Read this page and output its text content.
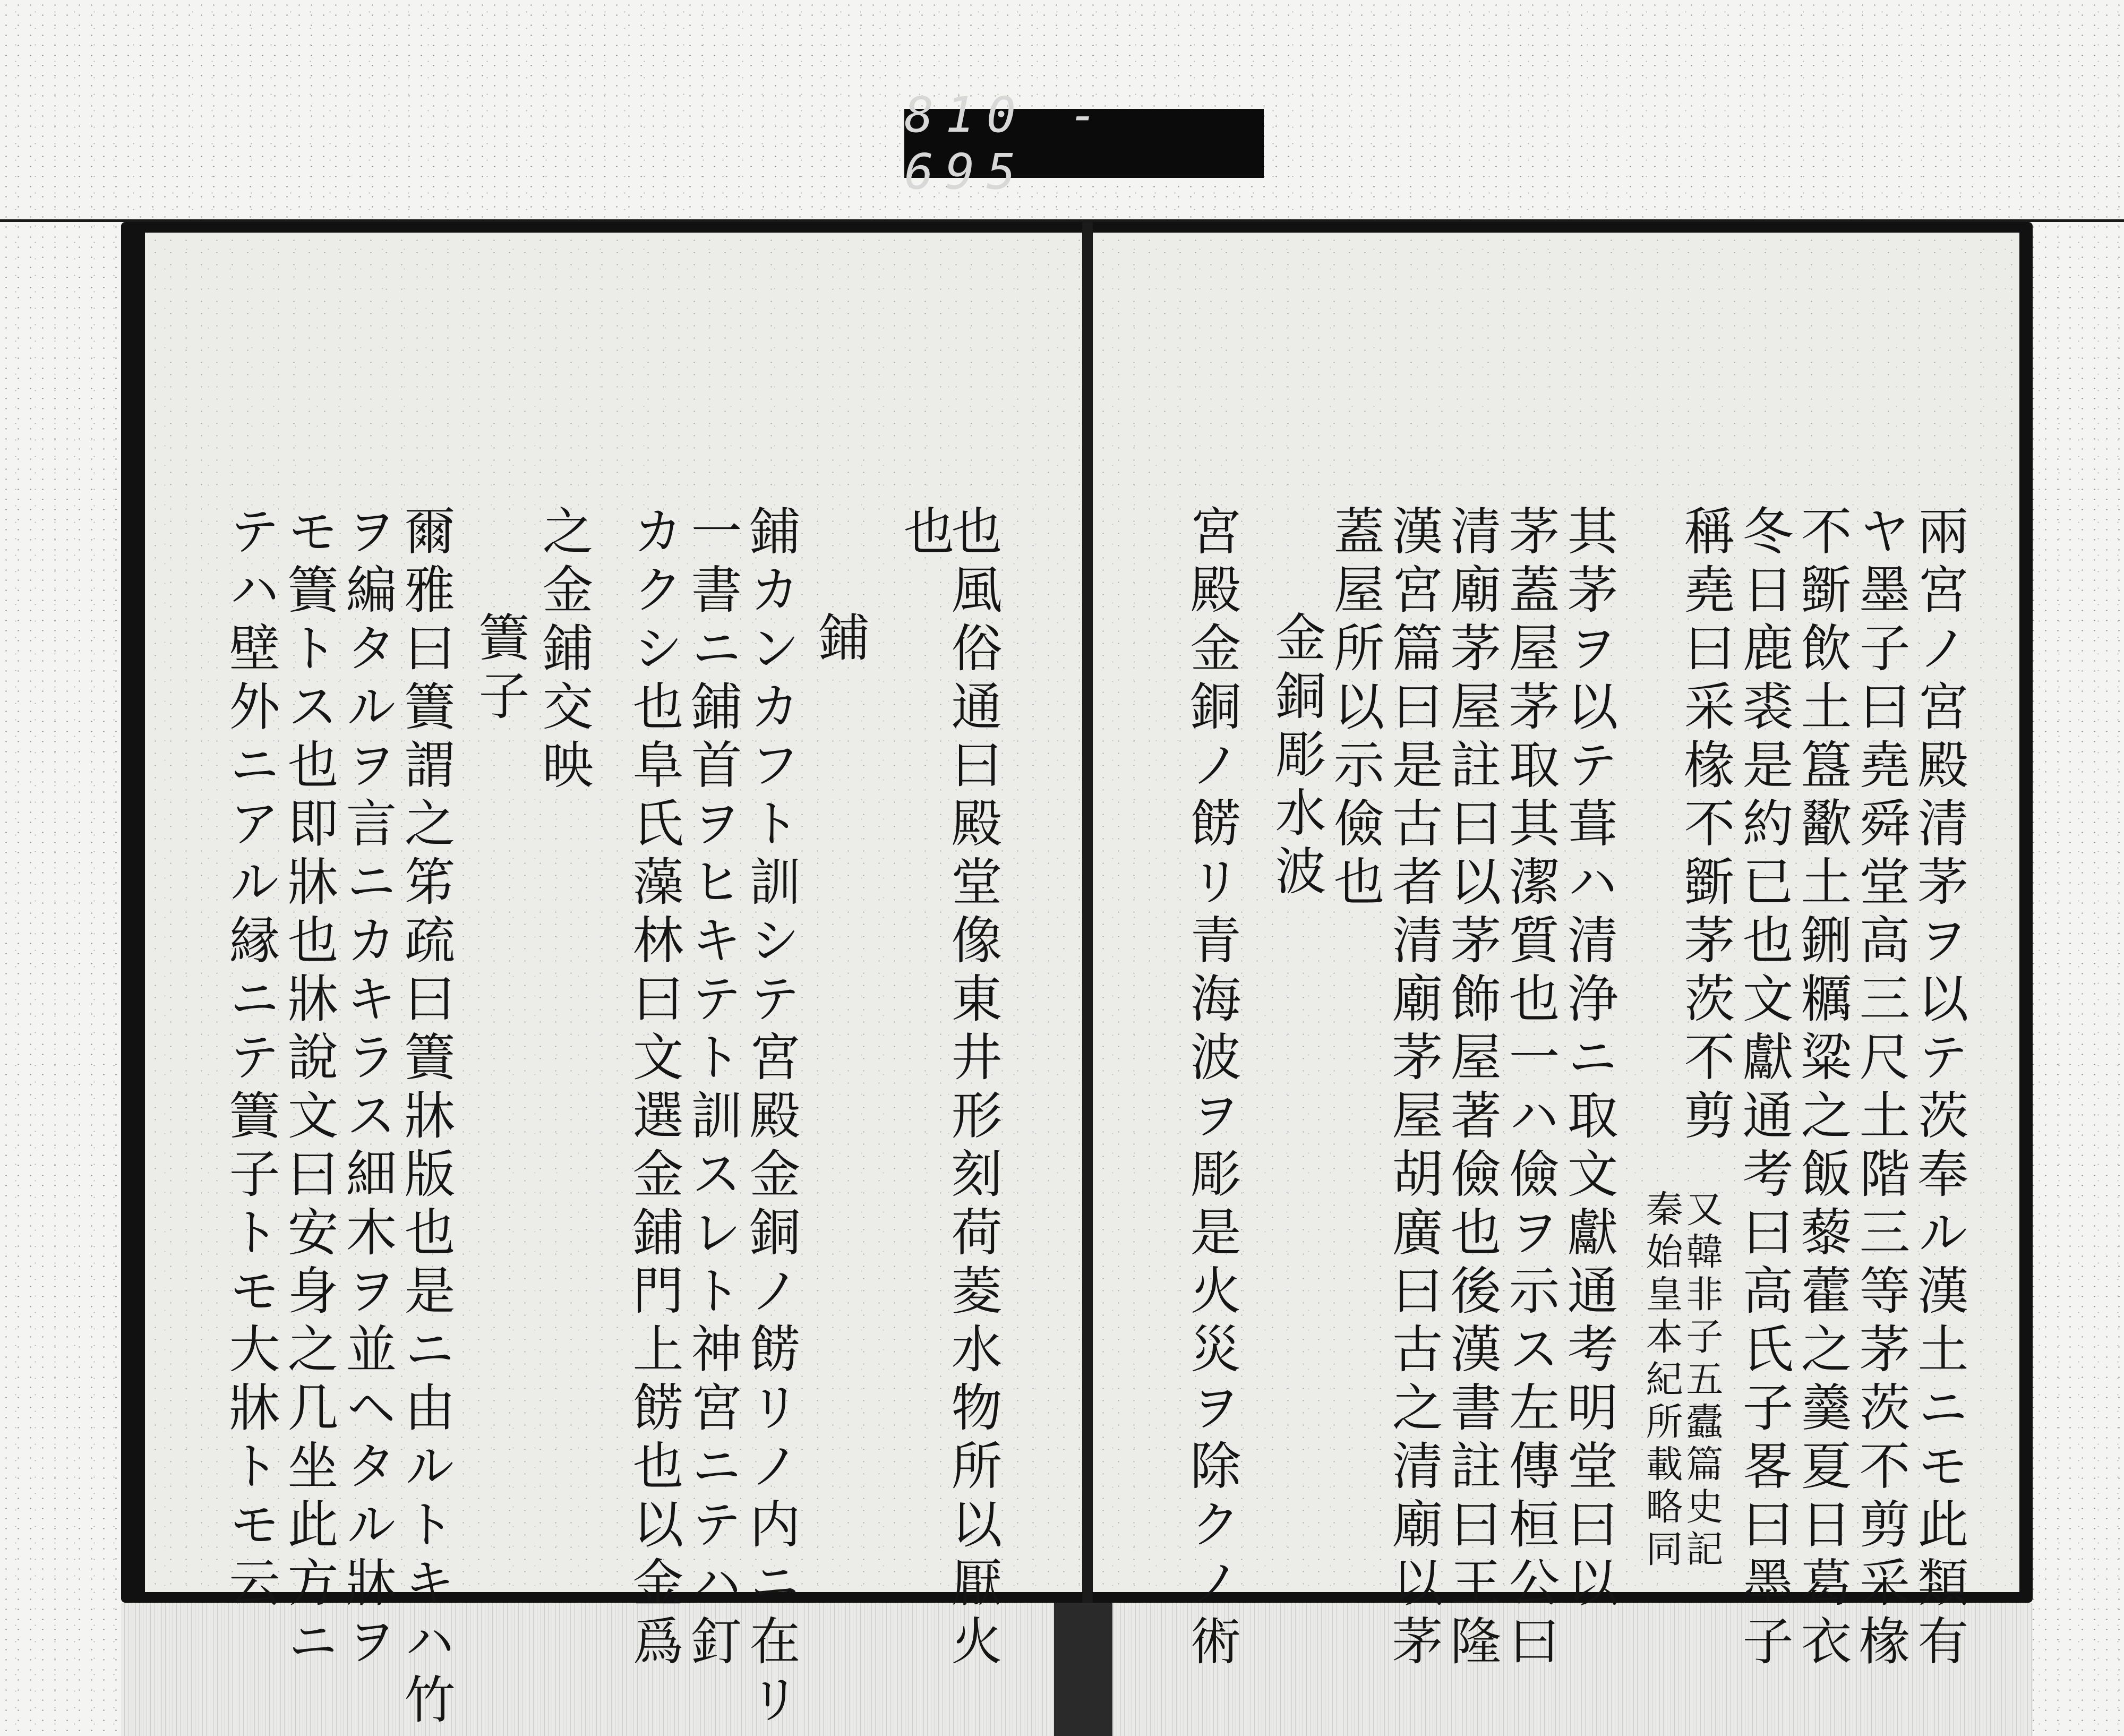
810 - 695
兩宮ノ宮殿清茅ヲ以テ茨奉ル漢土ニモ此類有
ヤ墨子曰堯舜堂高三尺土階三等茅茨不剪采椽
不斵飲土簋歠土鉶糲粱之飯藜藿之羹夏日葛衣
冬日鹿裘是約已也文獻通考曰高氏子畧曰墨子
稱堯曰采椽不斵茅茨不剪
又韓非子五蠹篇史記
秦始皇本紀所載略同
其茅ヲ以テ葺ハ清浄ニ取文獻通考明堂曰以
茅蓋屋茅取其潔質也一ハ儉ヲ示ス左傳桓公曰
清廟茅屋註曰以茅飾屋著儉也後漢書註曰王隆
漢宮篇曰是古者清廟茅屋胡廣曰古之清廟以茅
蓋屋所以示儉也
金銅彫水波
宮殿金銅ノ餝リ青海波ヲ彫是火災ヲ除クノ術
也
也風俗通曰殿堂像東井形刻荷菱水物所以厭火
鋪
鋪カンカフト訓シテ宮殿金銅ノ餝リノ内ニ在リ
一書ニ鋪首ヲヒキテト訓スレト神宮ニテハ釘
カクシ也阜氏藻林曰文選金鋪門上餝也以金爲
之金鋪交映
簀子
爾雅曰簀謂之笫疏曰簀牀版也是ニ由ルトキハ竹
ヲ編タルヲ言ニカキラス細木ヲ並ヘタル牀ヲ
モ簀トス也即牀也牀說文曰安身之几坐此方ニ
テハ壁外ニアル縁ニテ簀子トモ大牀トモ云
